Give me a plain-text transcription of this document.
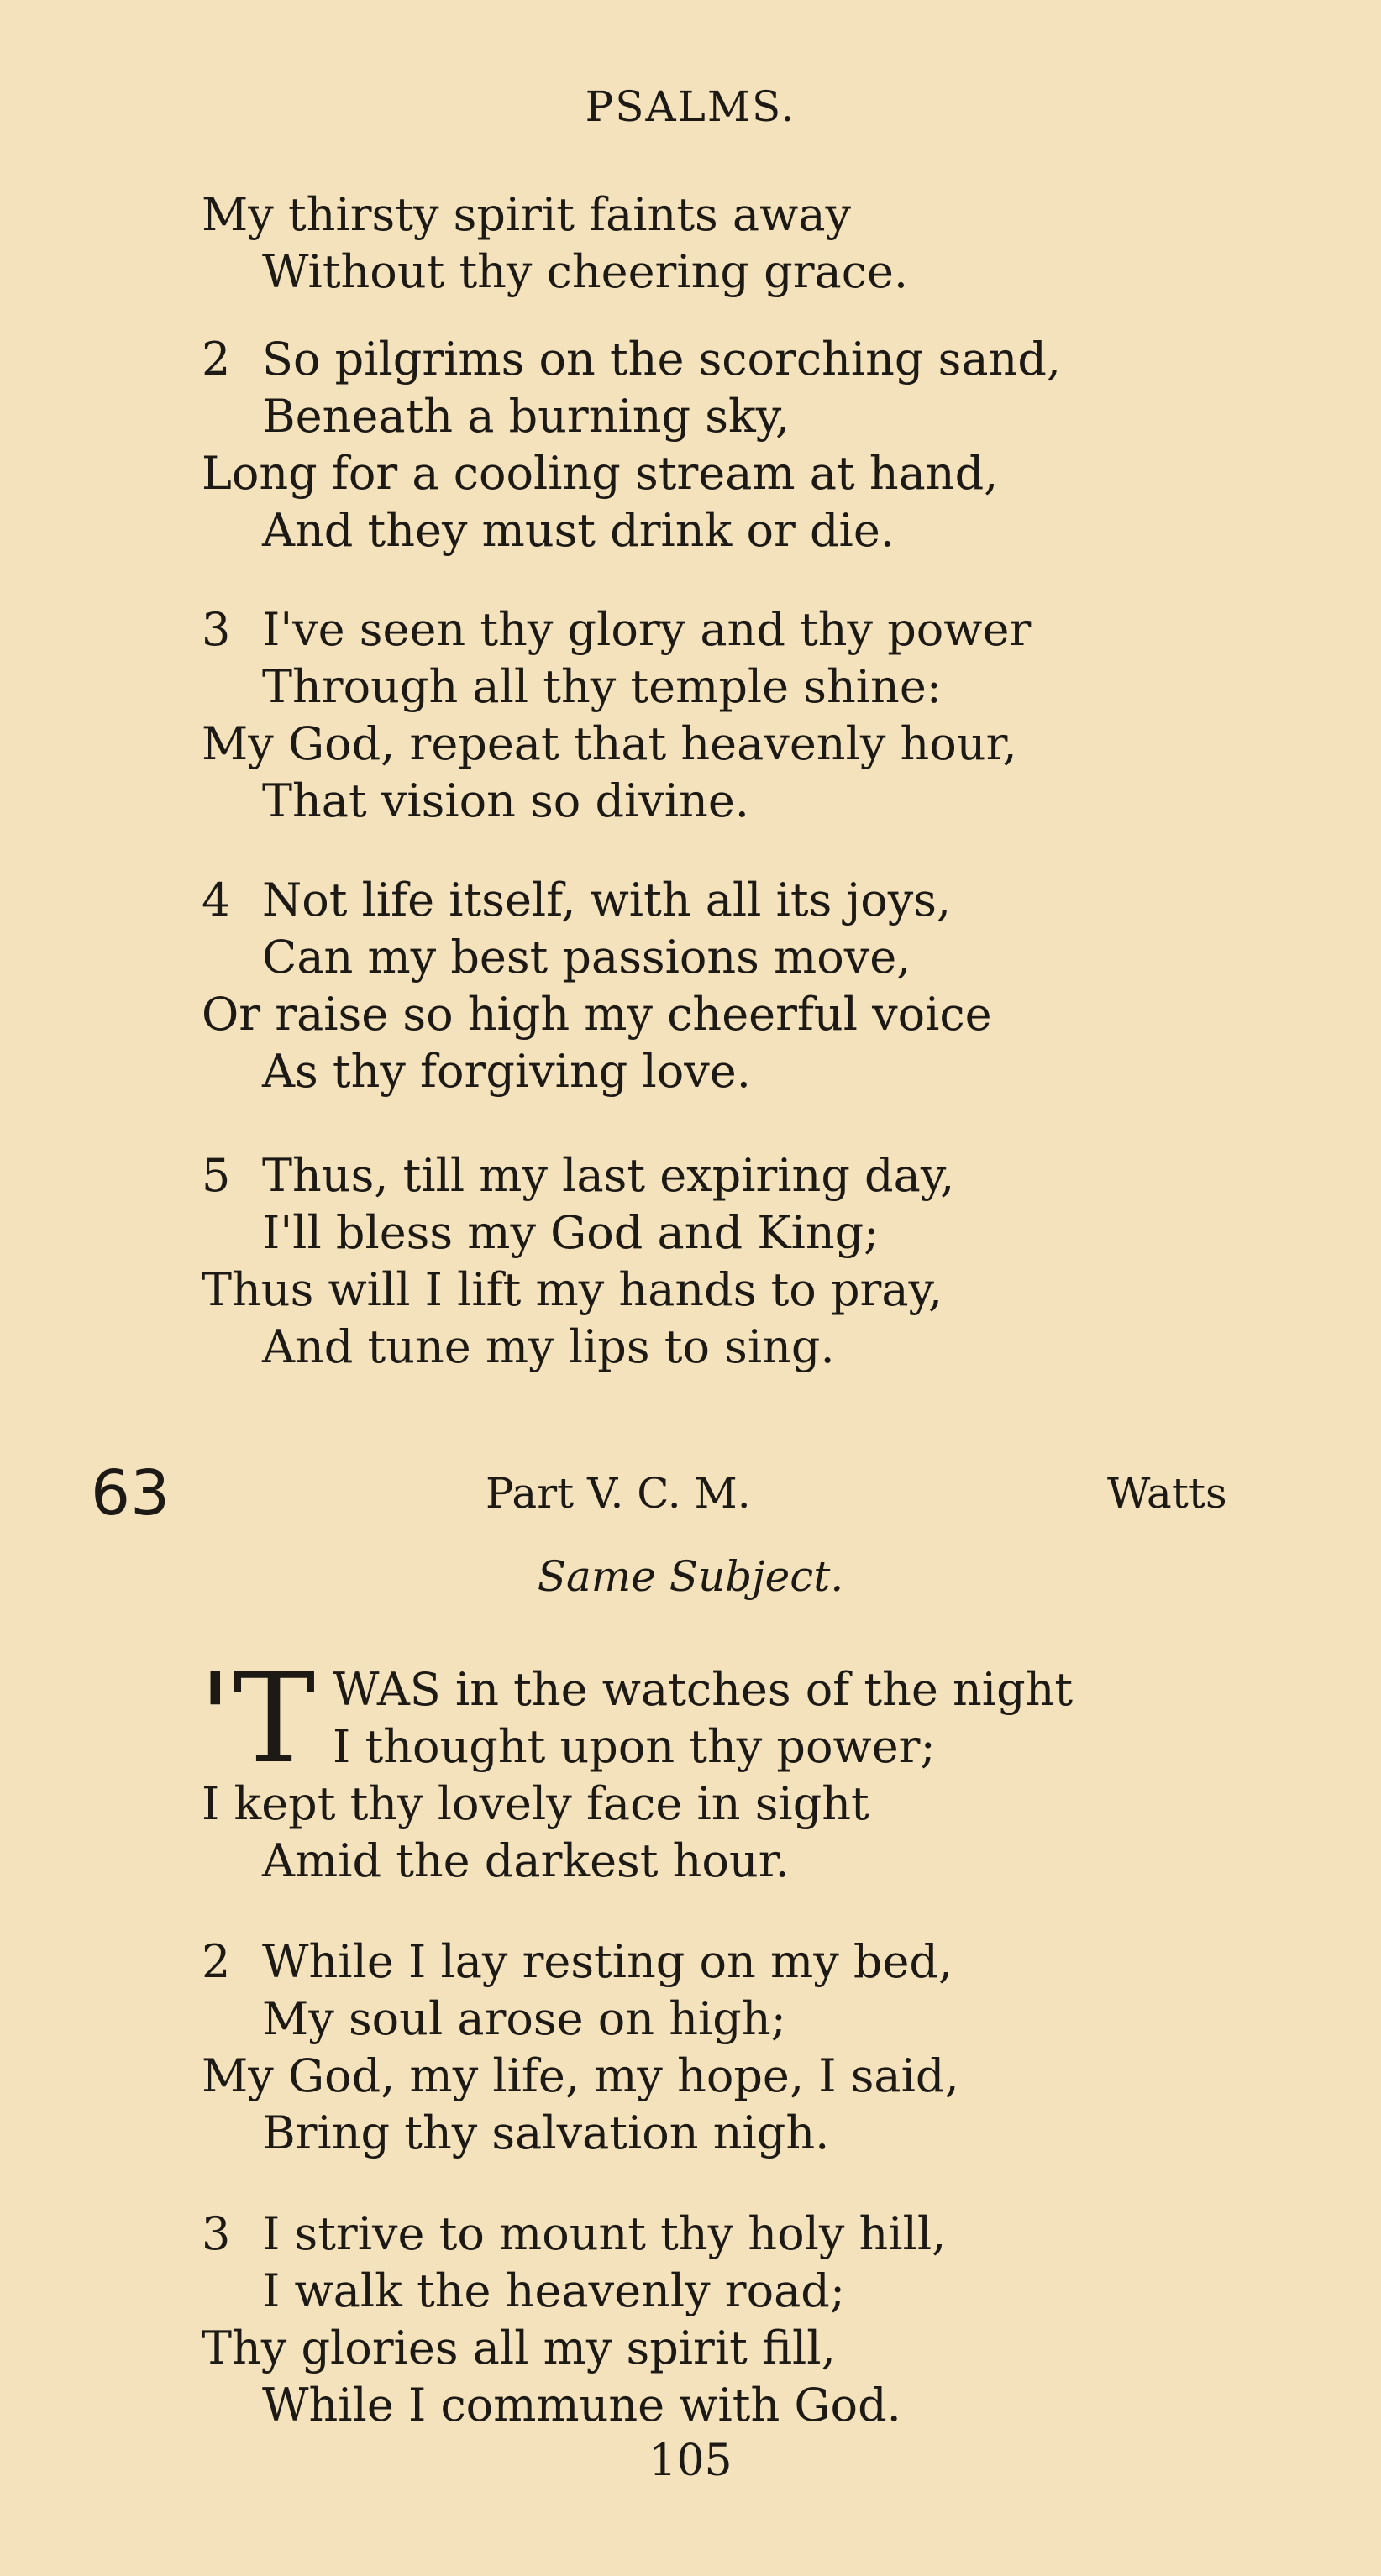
PSALMS.
My thirsty spirit faints away
Without thy cheering grace.
2 So pilgrims on the scorching sand,
Beneath a burning sky,
Long for a cooling stream at hand,
And they must drink or die.
3 I've seen thy glory and thy power
Through all thy temple shine:
My God, repeat that heavenly hour,
That vision so divine.
4 Not life itself, with all its joys,
Can my best passions move,
Or raise so high my cheerful voice
As thy forgiving love.
5 Thus, till my last expiring day,
I'll bless my God and King;
Thus will I lift my hands to pray,
And tune my lips to sing.
63	Part V. C. M.	Watts
Same Subject.
'T WAS in the watches of the night
I thought upon thy power;
I kept thy lovely face in sight
Amid the darkest hour.
2 While I lay resting on my bed,
My soul arose on high;
My God, my life, my hope, I said,
Bring thy salvation nigh.
3 I strive to mount thy holy hill,
I walk the heavenly road;
Thy glories all my spirit fill,
While I commune with God.
105
